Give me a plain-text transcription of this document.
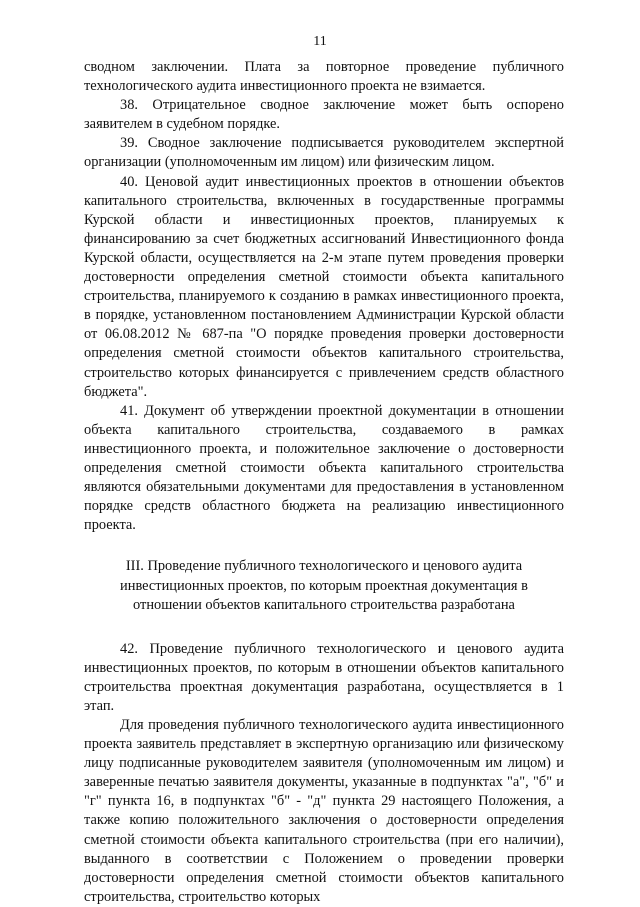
11

сводном заключении. Плата за повторное проведение публичного технологического аудита инвестиционного проекта не взимается.

38. Отрицательное сводное заключение может быть оспорено заявителем в судебном порядке.

39. Сводное заключение подписывается руководителем экспертной организации (уполномоченным им лицом) или физическим лицом.

40. Ценовой аудит инвестиционных проектов в отношении объектов капитального строительства, включенных в государственные программы Курской области и инвестиционных проектов, планируемых к финансированию за счет бюджетных ассигнований Инвестиционного фонда Курской области, осуществляется на 2-м этапе путем проведения проверки достоверности определения сметной стоимости объекта капитального строительства, планируемого к созданию в рамках инвестиционного проекта, в порядке, установленном постановлением Администрации Курской области от 06.08.2012 № 687-па "О порядке проведения проверки достоверности определения сметной стоимости объектов капитального строительства, строительство которых финансируется с привлечением средств областного бюджета".

41. Документ об утверждении проектной документации в отношении объекта капитального строительства, создаваемого в рамках инвестиционного проекта, и положительное заключение о достоверности определения сметной стоимости объекта капитального строительства являются обязательными документами для предоставления в установленном порядке средств областного бюджета на реализацию инвестиционного проекта.

III. Проведение публичного технологического и ценового аудита инвестиционных проектов, по которым проектная документация в отношении объектов капитального строительства разработана

42. Проведение публичного технологического и ценового аудита инвестиционных проектов, по которым в отношении объектов капитального строительства проектная документация разработана, осуществляется в 1 этап.

Для проведения публичного технологического аудита инвестиционного проекта заявитель представляет в экспертную организацию или физическому лицу подписанные руководителем заявителя (уполномоченным им лицом) и заверенные печатью заявителя документы, указанные в подпунктах "а", "б" и "г" пункта 16, в подпунктах "б" - "д" пункта 29 настоящего Положения, а также копию положительного заключения о достоверности определения сметной стоимости объекта капитального строительства (при его наличии), выданного в соответствии с Положением о проведении проверки достоверности определения сметной стоимости объектов капитального строительства, строительство которых
